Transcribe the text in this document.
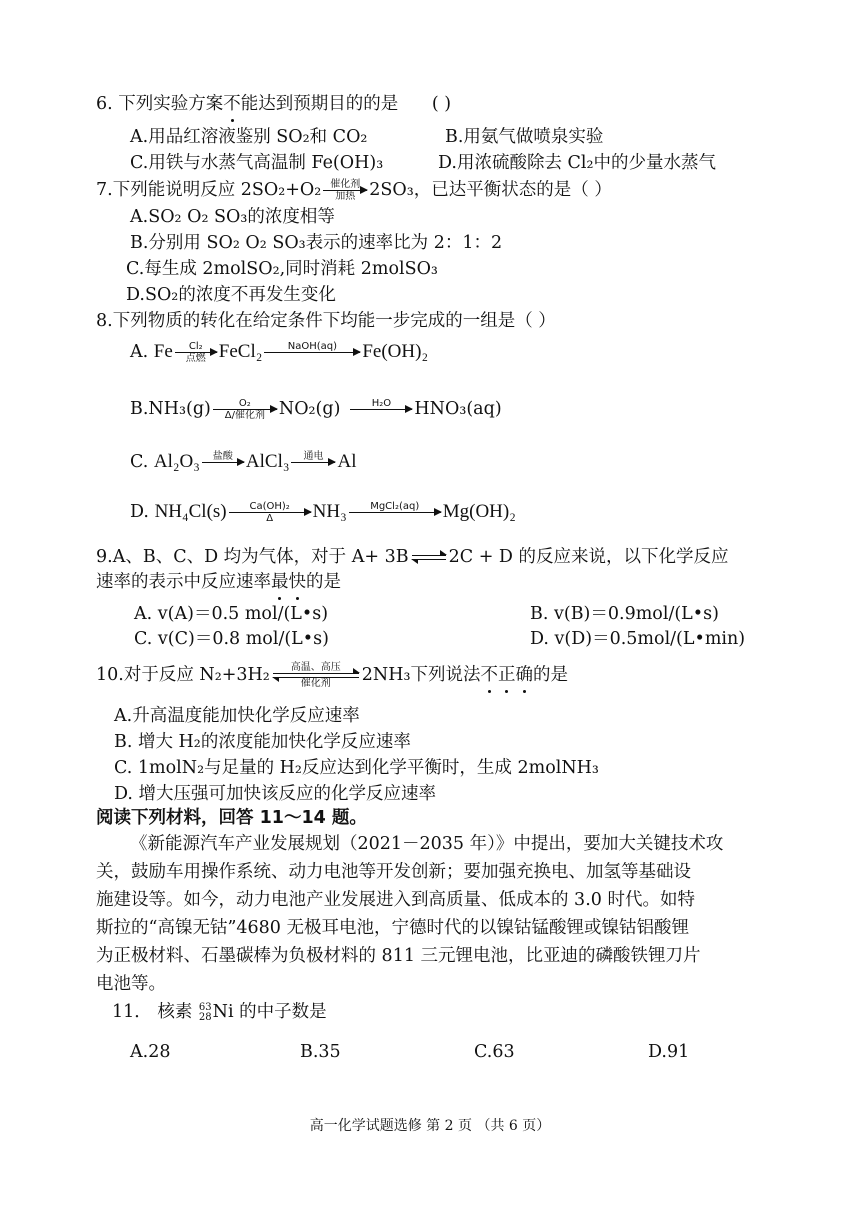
6. 下列实验方案不能达到预期目的的是 ( )
A.用品红溶液鉴别 SO₂和 CO₂	B.用氨气做喷泉实验
C.用铁与水蒸气高温制 Fe(OH)₃	D.用浓硫酸除去 Cl₂中的少量水蒸气
7.下列能说明反应 2SO₂+O₂ 催化剂
加热 2SO₃，已达平衡状态的是（ ）
A.SO₂ O₂ SO₃的浓度相等
B.分别用 SO₂ O₂ SO₃表示的速率比为 2：1：2
C.每生成 2molSO₂,同时消耗 2molSO₃
D.SO₂的浓度不再发生变化
8.下列物质的转化在给定条件下均能一步完成的一组是（ ）
A. Fe Cl₂
点燃 FeCl₂	NaOH(aq)
Fe(OH)₂
B.NH₃(g)	O₂
Δ/催化剂 NO₂(g)	H₂O
HNO₃(aq)
C. Al₂O₃ 盐酸
AlCl₃ 通电
Al
D. $NH_4Cl(s) \frac{\text{Ca(OH)₂}}{\Delta} NH_3$ MgCl₂(aq)
Mg(OH)₂
9.A、B、C、D 均为气体，对于 A+ 3B 2C + D 的反应来说，以下化学反应
速率的表示中反应速率最快的是
A. v(A)＝0.5 mol/(L•s)	B. v(B)＝0.9mol/(L•s)
C. v(C)＝0.8 mol/(L•s)	D. v(D)＝0.5mol/(L•min)
10.对于反应 N₂+3H₂ 高温、高压
催化剂 2NH₃下列说法不正确的是
A.升高温度能加快化学反应速率
B. 增大 H₂的浓度能加快化学反应速率
C. 1molN₂与足量的 H₂反应达到化学平衡时，生成 2molNH₃
D. 增大压强可加快该反应的化学反应速率
阅读下列材料，回答 11～14 题。
《新能源汽车产业发展规划（2021－2035 年）》中提出，要加大关键技术攻
关，鼓励车用操作系统、动力电池等开发创新；要加强充换电、加氢等基础设
施建设等。如今，动力电池产业发展进入到高质量、低成本的 3.0 时代。如特
斯拉的“高镍无钴”4680 无极耳电池，宁德时代的以镍钴锰酸锂或镍钴铝酸锂
为正极材料、石墨碳棒为负极材料的 811 三元锂电池，比亚迪的磷酸铁锂刀片
电池等。
11． 核素 63
28 Ni 的中子数是
A.28	B.35	C.63	D.91
高一化学试题选修 第 2 页 （共 6 页）
